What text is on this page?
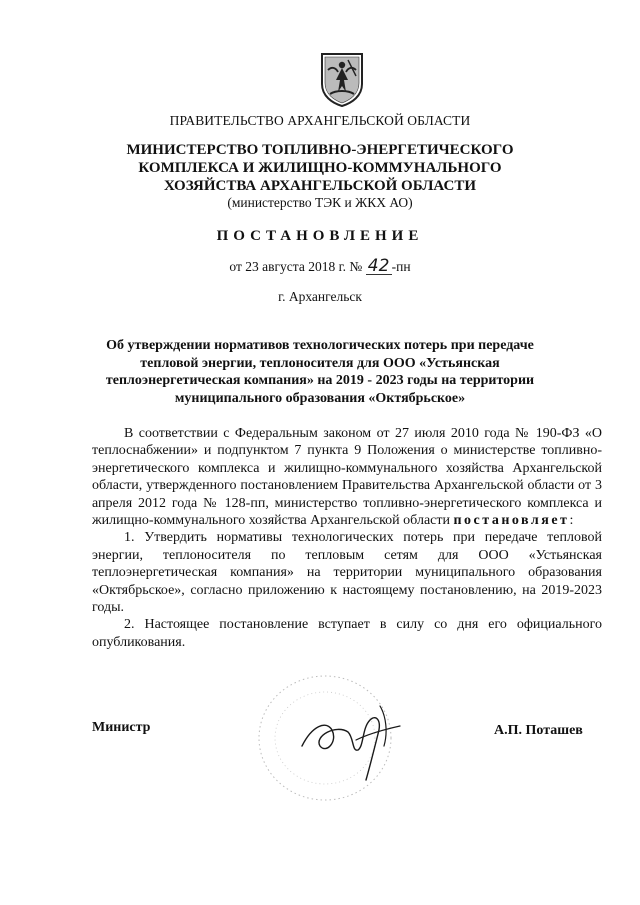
ПРАВИТЕЛЬСТВО АРХАНГЕЛЬСКОЙ ОБЛАСТИ
МИНИСТЕРСТВО ТОПЛИВНО-ЭНЕРГЕТИЧЕСКОГО
КОМПЛЕКСА И ЖИЛИЩНО-КОММУНАЛЬНОГО
ХОЗЯЙСТВА АРХАНГЕЛЬСКОЙ ОБЛАСТИ
(министерство ТЭК и ЖКХ АО)
ПОСТАНОВЛЕНИЕ
от 23 августа 2018 г. № 42 -пн
г. Архангельск
Об утверждении нормативов технологических потерь при передаче
тепловой энергии, теплоносителя для ООО «Устьянская
теплоэнергетическая компания» на 2019 - 2023 годы на территории
муниципального образования «Октябрьское»

В соответствии с Федеральным законом от 27 июля 2010 года № 190-ФЗ «О теплоснабжении» и подпунктом 7 пункта 9 Положения о министерстве топливно-энергетического комплекса и жилищно-коммунального хозяйства Архангельской области, утвержденного постановлением Правительства Архангельской области от 3 апреля 2012 года № 128-пп, министерство топливно-энергетического комплекса и жилищно-коммунального хозяйства Архангельской области постановляет:

1. Утвердить нормативы технологических потерь при передаче тепловой энергии, теплоносителя по тепловым сетям для ООО «Устьянская теплоэнергетическая компания» на территории муниципального образования «Октябрьское», согласно приложению к настоящему постановлению, на 2019-2023 годы.

2. Настоящее постановление вступает в силу со дня его официального опубликования.

Министр	А.П. Поташев
